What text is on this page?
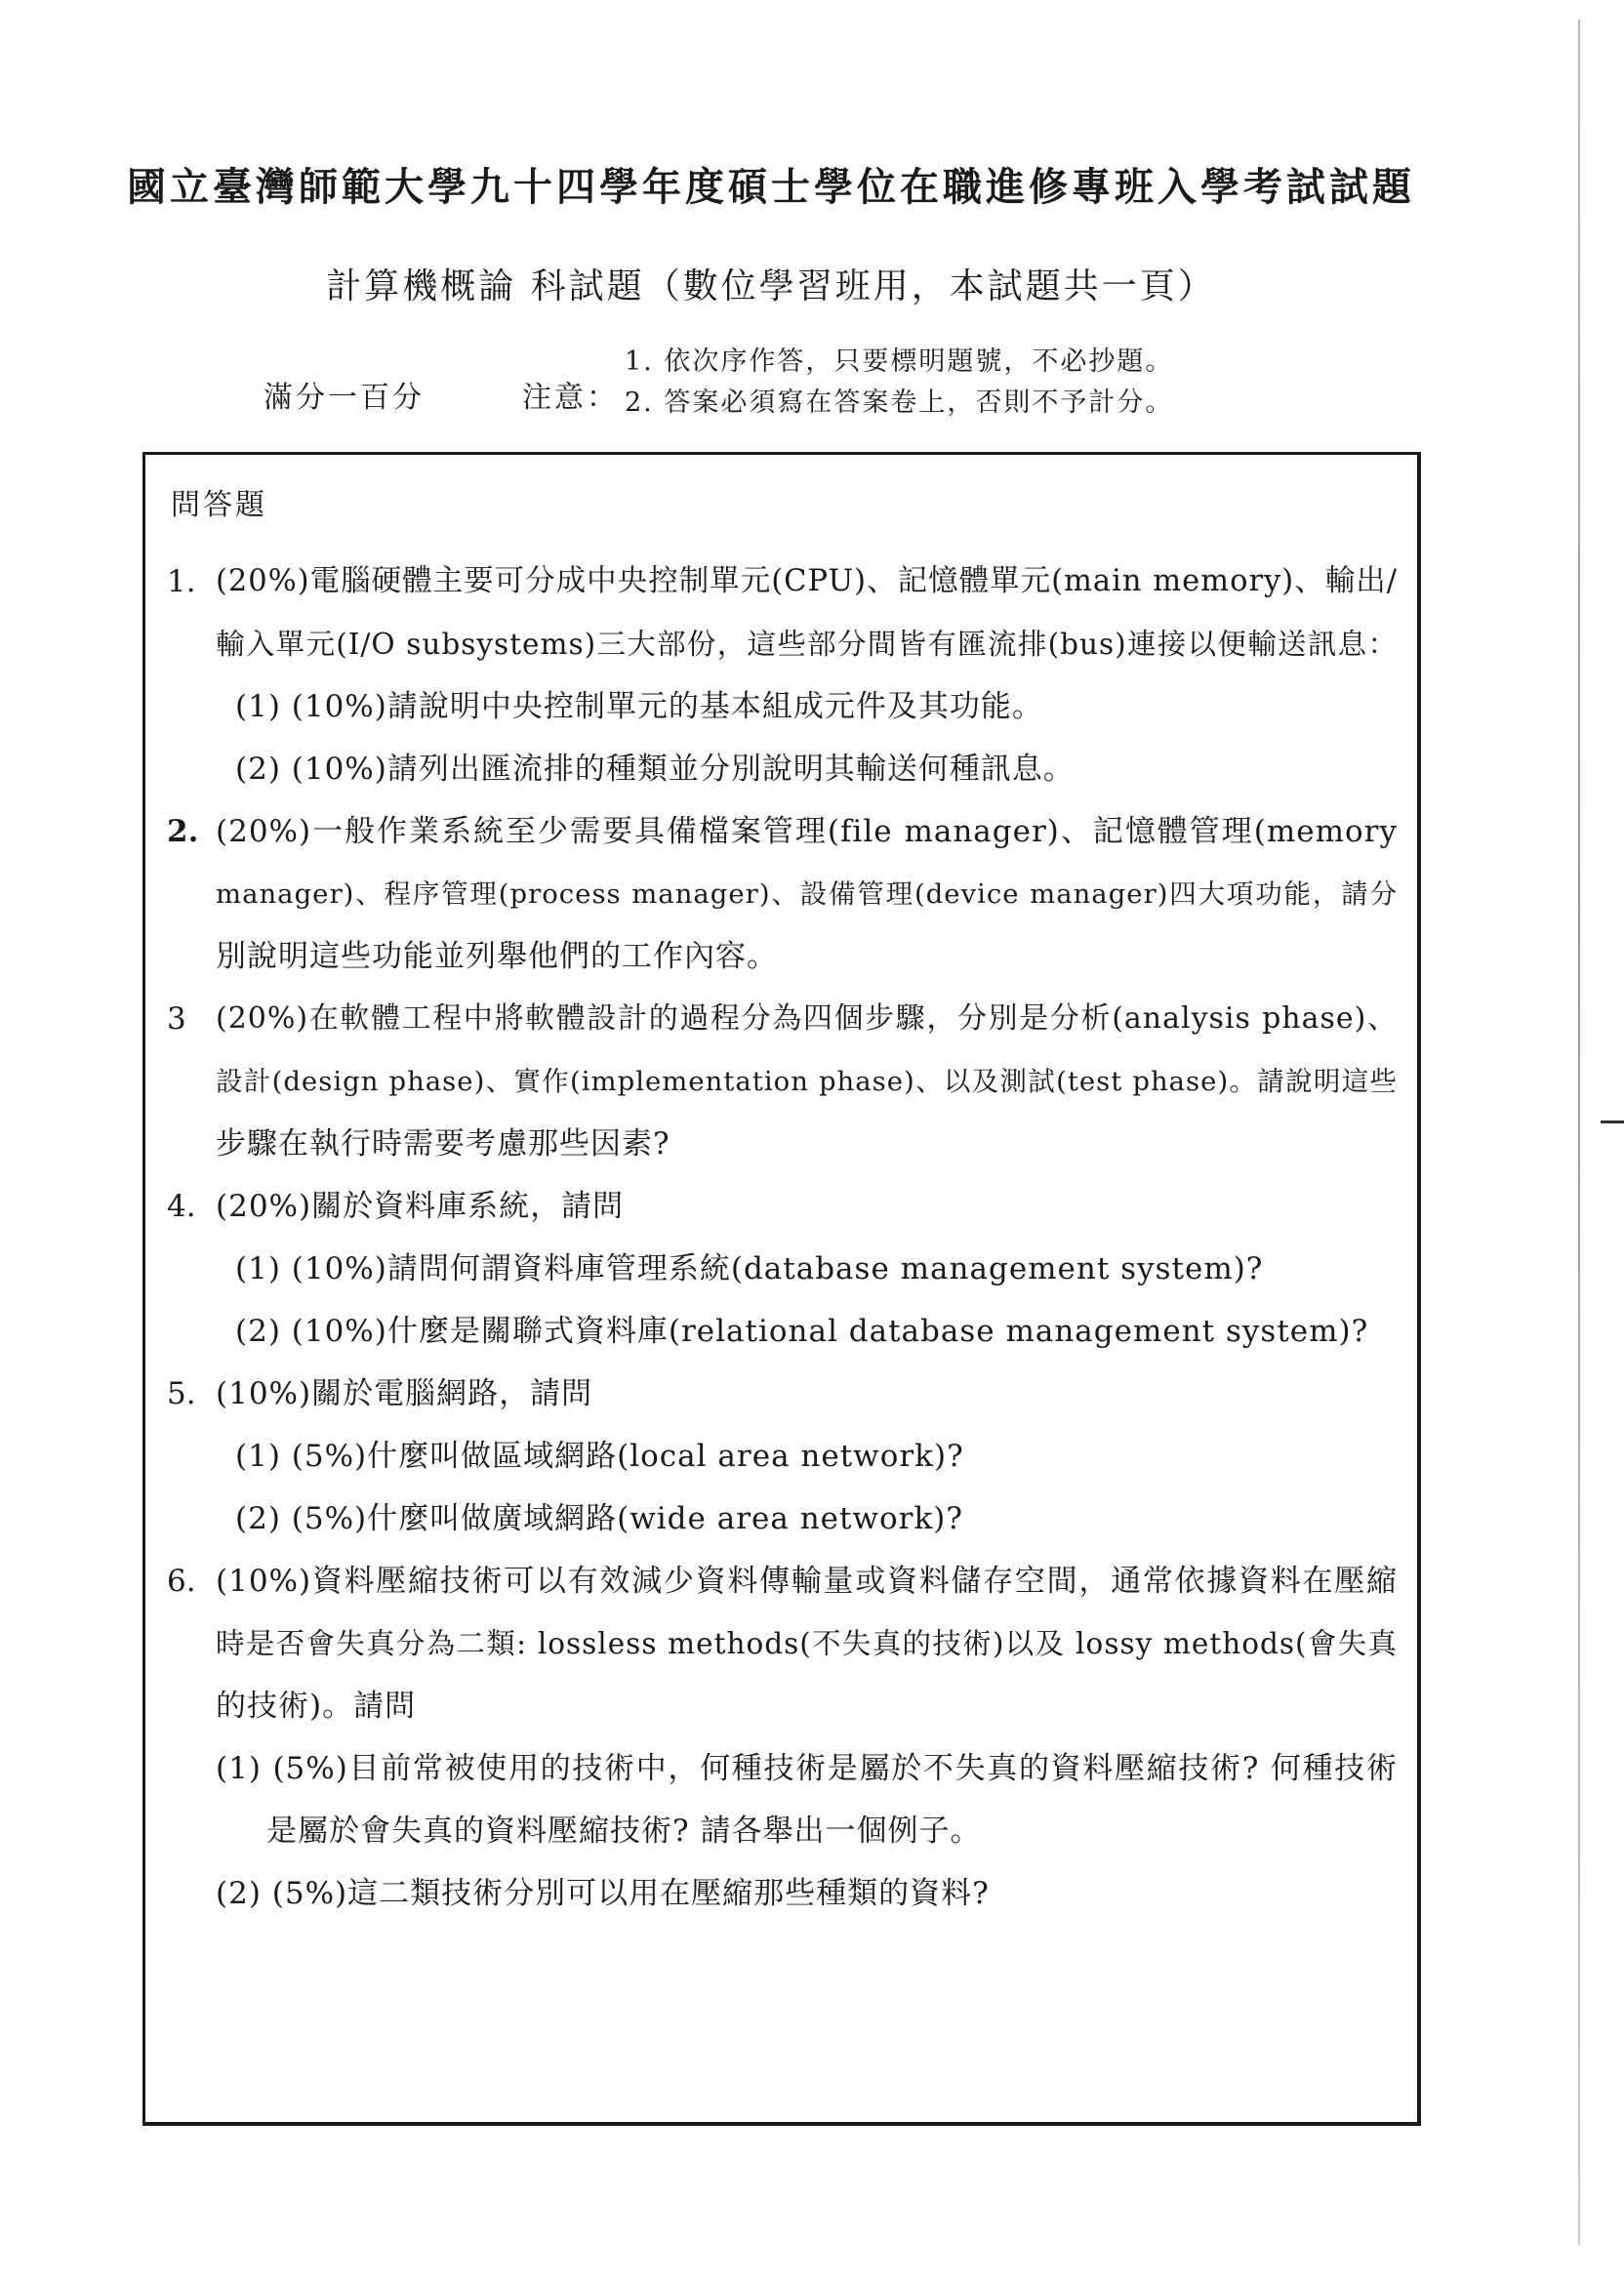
國立臺灣師範大學九十四學年度碩士學位在職進修專班入學考試試題
計算機概論 科試題（數位學習班用，本試題共一頁）
滿分一百分	注意：
1. 依次序作答，只要標明題號，不必抄題。
2. 答案必須寫在答案卷上，否則不予計分。
問答題
1. (20%)電腦硬體主要可分成中央控制單元(CPU)、記憶體單元(main memory)、輸出/
輸入單元(I/O subsystems)三大部份，這些部分間皆有匯流排(bus)連接以便輸送訊息：
(1) (10%)請說明中央控制單元的基本組成元件及其功能。
(2) (10%)請列出匯流排的種類並分別說明其輸送何種訊息。
2. (20%)一般作業系統至少需要具備檔案管理(file manager)、記憶體管理(memory
manager)、程序管理(process manager)、設備管理(device manager)四大項功能，請分
別說明這些功能並列舉他們的工作內容。
3 (20%)在軟體工程中將軟體設計的過程分為四個步驟，分別是分析(analysis phase)、
設計(design phase)、實作(implementation phase)、以及測試(test phase)。請說明這些
步驟在執行時需要考慮那些因素?
4. (20%)關於資料庫系統，請問
(1) (10%)請問何謂資料庫管理系統(database management system)?
(2) (10%)什麼是關聯式資料庫(relational database management system)?
5. (10%)關於電腦網路，請問
(1) (5%)什麼叫做區域網路(local area network)?
(2) (5%)什麼叫做廣域網路(wide area network)?
6. (10%)資料壓縮技術可以有效減少資料傳輸量或資料儲存空間，通常依據資料在壓縮
時是否會失真分為二類: lossless methods(不失真的技術)以及 lossy methods(會失真
的技術)。請問
(1) (5%)目前常被使用的技術中，何種技術是屬於不失真的資料壓縮技術? 何種技術
是屬於會失真的資料壓縮技術? 請各舉出一個例子。
(2) (5%)這二類技術分別可以用在壓縮那些種類的資料?
